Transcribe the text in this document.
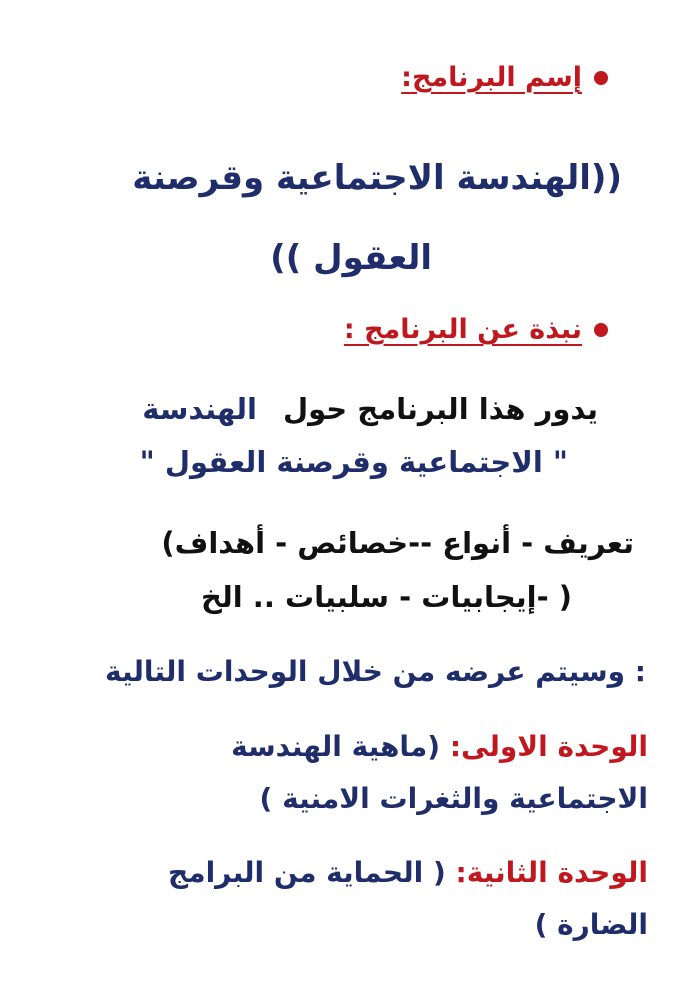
إسم البرنامج:
((الهندسة الاجتماعية وقرصنة
العقول ))
نبذة عن البرنامج :
يدور هذا البرنامج حولالهندسة
" الاجتماعية وقرصنة العقول "
تعريف - أنواع --خصائص - أهداف)
( -إيجابيات - سلبيات .. الخ
: وسيتم عرضه من خلال الوحدات التالية
الوحدة الاولى: (ماهية الهندسة
الاجتماعية والثغرات الامنية )
الوحدة الثانية: ( الحماية من البرامج
الضارة )
